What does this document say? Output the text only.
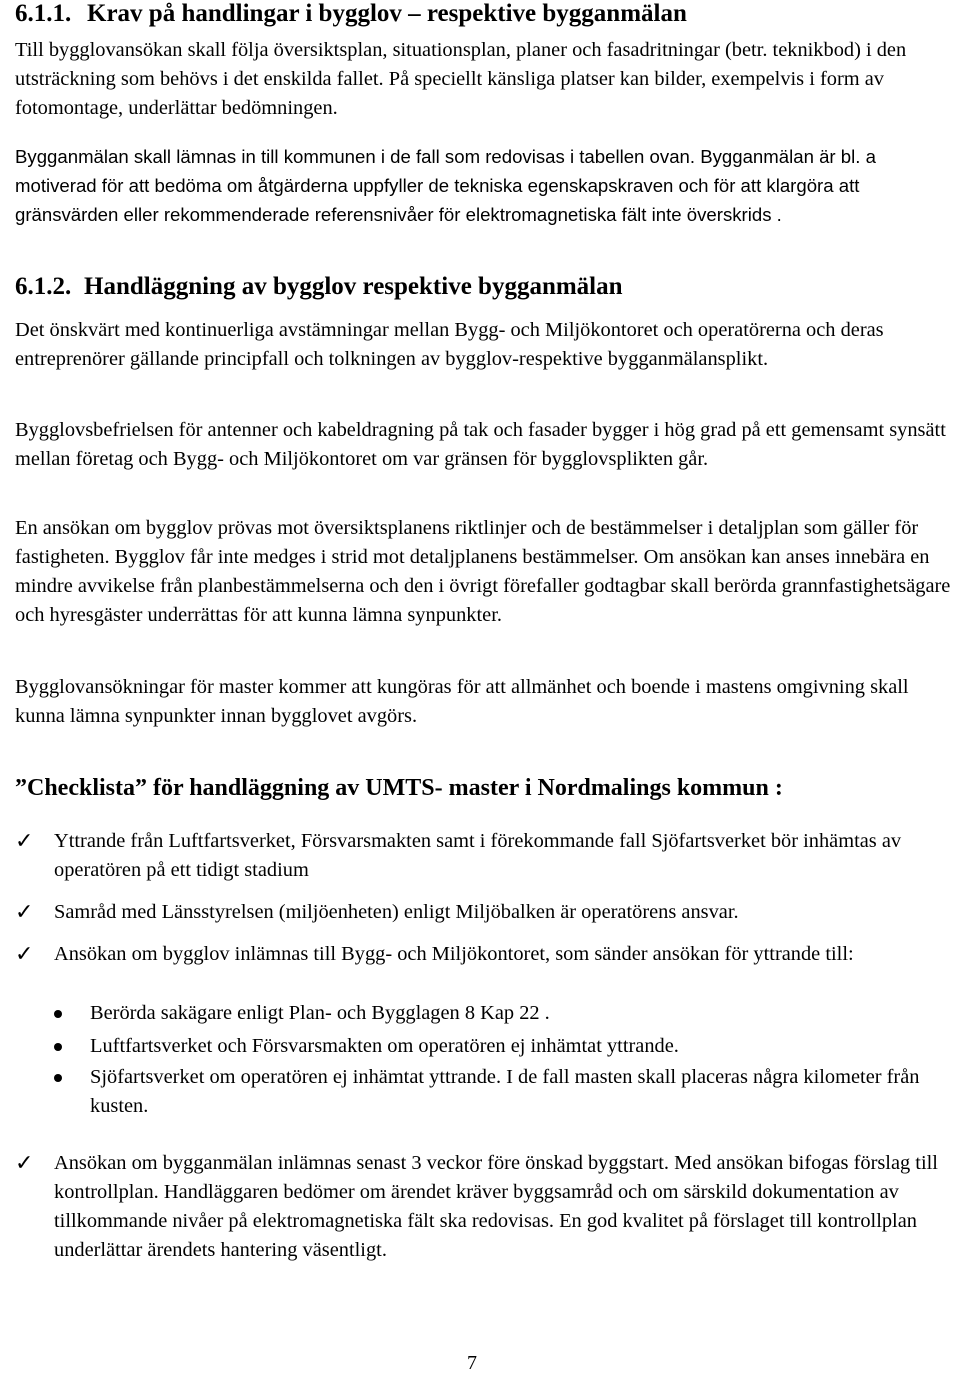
6.1.1. Krav på handlingar i bygglov – respektive bygganmälan

Till bygglovansökan skall följa översiktsplan, situationsplan, planer och fasadritningar (betr. teknikbod) i den utsträckning som behövs i det enskilda fallet. På speciellt känsliga platser kan bilder, exempelvis i form av fotomontage, underlättar bedömningen.

Bygganmälan skall lämnas in till kommunen i de fall som redovisas i tabellen ovan. Bygganmälan är bl. a motiverad för att bedöma om åtgärderna uppfyller de tekniska egenskapskraven och för att klargöra att gränsvärden eller rekommenderade referensnivåer för elektromagnetiska fält inte överskrids .

6.1.2. Handläggning av bygglov respektive bygganmälan

Det önskvärt med kontinuerliga avstämningar mellan Bygg- och Miljökontoret och operatörerna och deras entreprenörer gällande principfall och tolkningen av bygglov-respektive bygganmälansplikt.

Bygglovsbefrielsen för antenner och kabeldragning på tak och fasader bygger i hög grad på ett gemensamt synsätt mellan företag och Bygg- och Miljökontoret om var gränsen för bygglovsplikten går.

En ansökan om bygglov prövas mot översiktsplanens riktlinjer och de bestämmelser i detaljplan som gäller för fastigheten. Bygglov får inte medges i strid mot detaljplanens bestämmelser. Om ansökan kan anses innebära en mindre avvikelse från planbestämmelserna och den i övrigt förefaller godtagbar skall berörda grannfastighetsägare och hyresgäster underrättas för att kunna lämna synpunkter.

Bygglovansökningar för master kommer att kungöras för att allmänhet och boende i mastens omgivning skall kunna lämna synpunkter innan bygglovet avgörs.

”Checklista” för handläggning av UMTS- master i Nordmalings kommun :
✓ Yttrande från Luftfartsverket, Försvarsmakten samt i förekommande fall Sjöfartsverket bör inhämtas av operatören på ett tidigt stadium

✓ Samråd med Länsstyrelsen (miljöenheten) enligt Miljöbalken är operatörens ansvar.

✓ Ansökan om bygglov inlämnas till Bygg- och Miljökontoret, som sänder ansökan för yttrande till:

Berörda sakägare enligt Plan- och Bygglagen 8 Kap 22 .

Luftfartsverket och Försvarsmakten om operatören ej inhämtat yttrande.

Sjöfartsverket om operatören ej inhämtat yttrande. I de fall masten skall placeras några kilometer från kusten.

✓ Ansökan om bygganmälan inlämnas senast 3 veckor före önskad byggstart. Med ansökan bifogas förslag till kontrollplan. Handläggaren bedömer om ärendet kräver byggsamråd och om särskild dokumentation av tillkommande nivåer på elektromagnetiska fält ska redovisas. En god kvalitet på förslaget till kontrollplan underlättar ärendets hantering väsentligt.

7
